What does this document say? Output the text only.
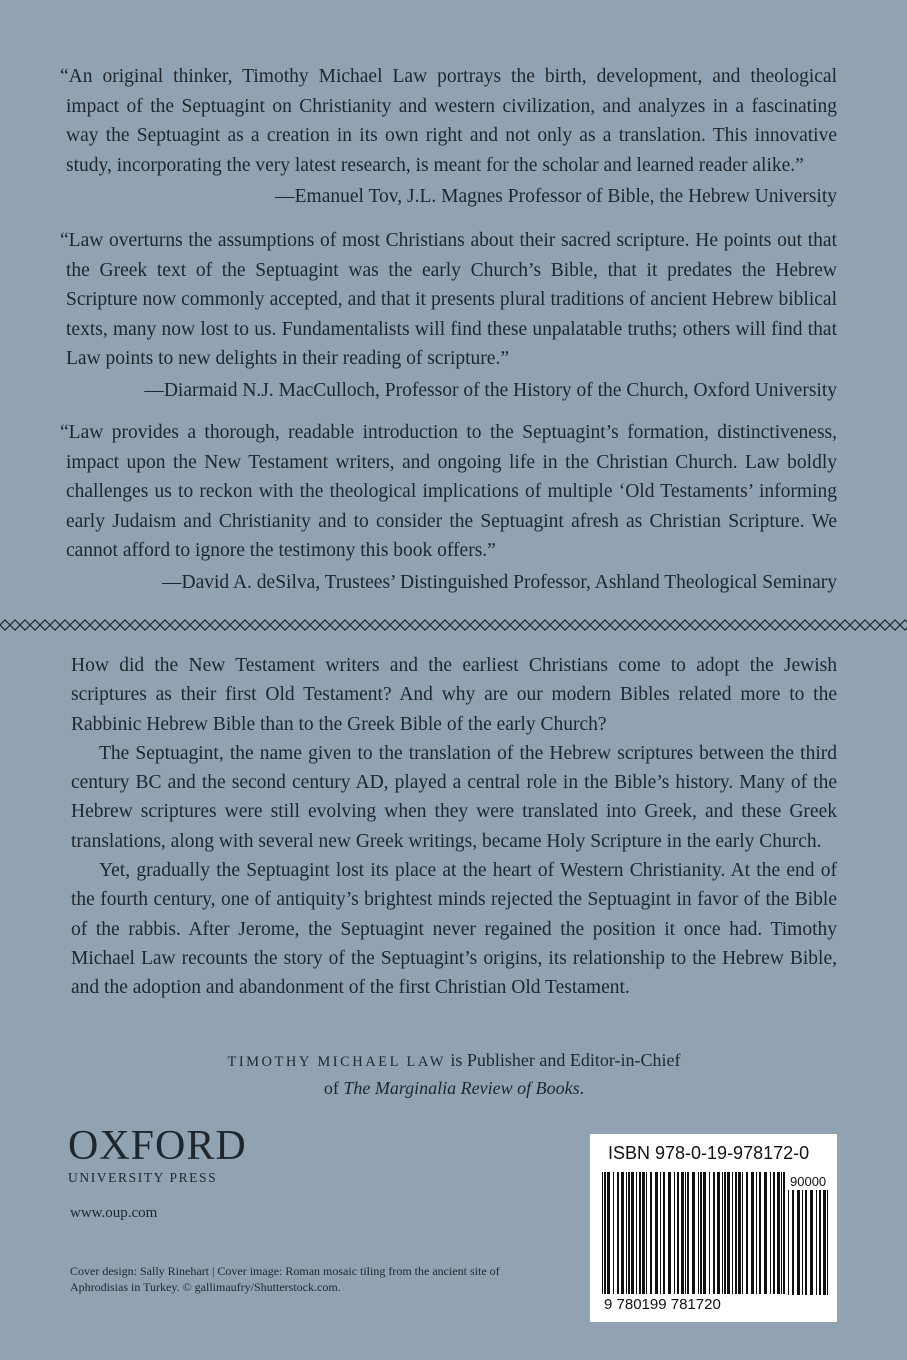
“An original thinker, Timothy Michael Law portrays the birth, development, and theological impact of the Septuagint on Christianity and western civilization, and analyzes in a fascinating way the Septuagint as a creation in its own right and not only as a translation. This innovative study, incorporating the very latest research, is meant for the scholar and learned reader alike.”

—Emanuel Tov, J.L. Magnes Professor of Bible, the Hebrew University

“Law overturns the assumptions of most Christians about their sacred scripture. He points out that the Greek text of the Septuagint was the early Church’s Bible, that it predates the Hebrew Scripture now commonly accepted, and that it presents plural traditions of ancient Hebrew biblical texts, many now lost to us. Fundamentalists will find these unpalatable truths; others will find that Law points to new delights in their reading of scripture.”

—Diarmaid N.J. MacCulloch, Professor of the History of the Church, Oxford University

“Law provides a thorough, readable introduction to the Septuagint’s formation, distinctiveness, impact upon the New Testament writers, and ongoing life in the Christian Church. Law boldly challenges us to reckon with the theological implications of multiple ‘Old Testaments’ informing early Judaism and Christianity and to consider the Septuagint afresh as Christian Scripture. We cannot afford to ignore the testimony this book offers.”

—David A. deSilva, Trustees’ Distinguished Professor, Ashland Theological Seminary

How did the New Testament writers and the earliest Christians come to adopt the Jewish scriptures as their first Old Testament? And why are our modern Bibles related more to the Rabbinic Hebrew Bible than to the Greek Bible of the early Church?

The Septuagint, the name given to the translation of the Hebrew scriptures between the third century BC and the second century AD, played a central role in the Bible’s history. Many of the Hebrew scriptures were still evolving when they were translated into Greek, and these Greek translations, along with several new Greek writings, became Holy Scripture in the early Church.

Yet, gradually the Septuagint lost its place at the heart of Western Christianity. At the end of the fourth century, one of antiquity’s brightest minds rejected the Septuagint in favor of the Bible of the rabbis. After Jerome, the Septuagint never regained the position it once had. Timothy Michael Law recounts the story of the Septuagint’s origins, its relationship to the Hebrew Bible, and the adoption and abandonment of the first Christian Old Testament.

TIMOTHY MICHAEL LAW is Publisher and Editor-in-Chief
of The Marginalia Review of Books.
OXFORD
UNIVERSITY PRESS
www.oup.com
Cover design: Sally Rinehart | Cover image: Roman mosaic tiling from the ancient site of Aphrodisias in Turkey. © gallimaufry/Shutterstock.com.
ISBN 978-0-19-978172-0
90000
9 780199 781720
